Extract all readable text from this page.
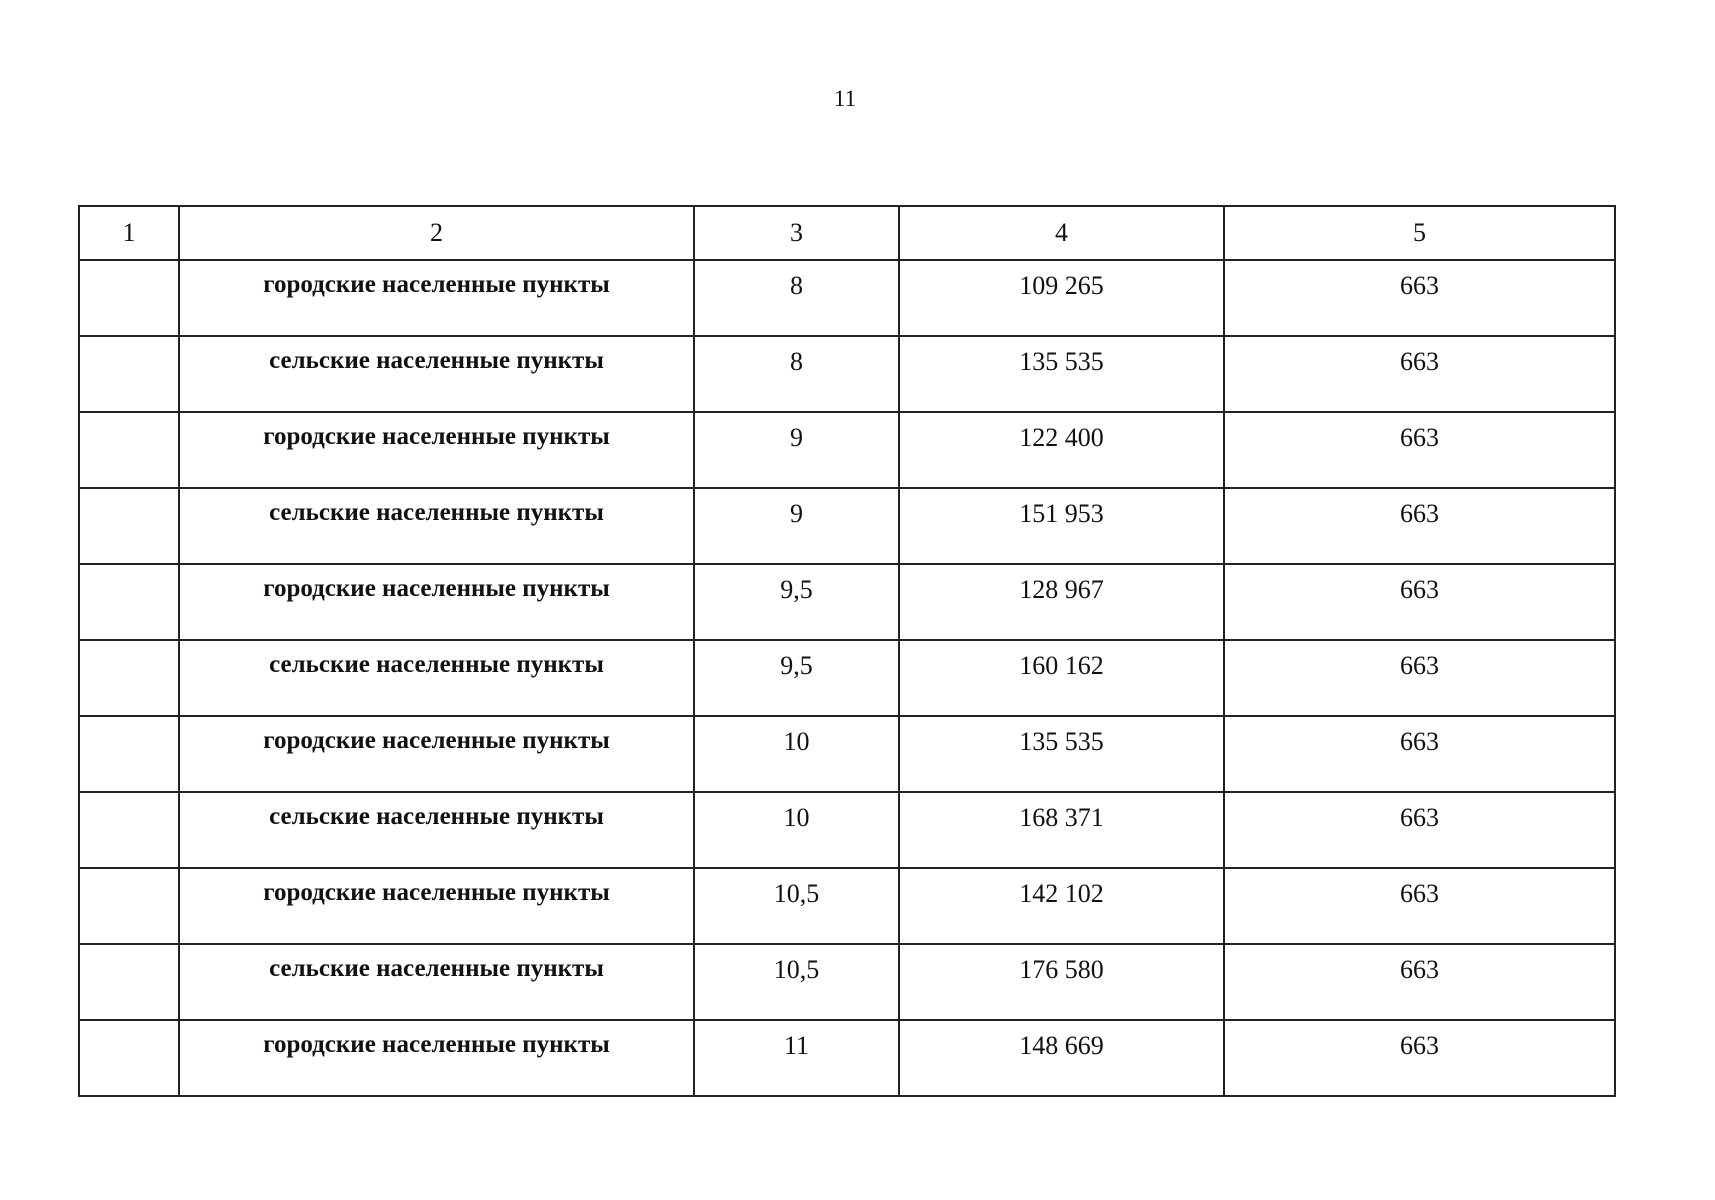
11
1	2	3	4	5
	городские населенные пункты	8	109 265	663
	сельские населенные пункты	8	135 535	663
	городские населенные пункты	9	122 400	663
	сельские населенные пункты	9	151 953	663
	городские населенные пункты	9,5	128 967	663
	сельские населенные пункты	9,5	160 162	663
	городские населенные пункты	10	135 535	663
	сельские населенные пункты	10	168 371	663
	городские населенные пункты	10,5	142 102	663
	сельские населенные пункты	10,5	176 580	663
	городские населенные пункты	11	148 669	663
